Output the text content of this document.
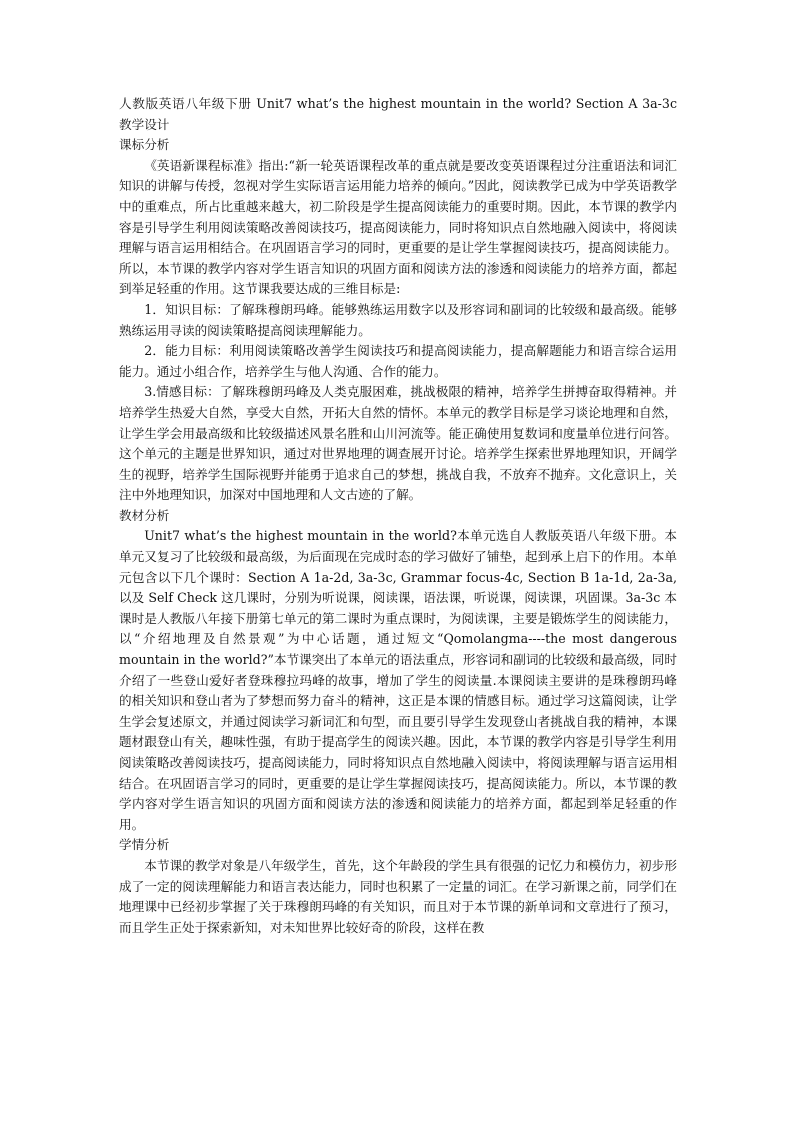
人教版英语八年级下册 Unit7 what’s the highest mountain in the world? Section A 3a-3c 教学设计

课标分析

《英语新课程标准》指出:“新一轮英语课程改革的重点就是要改变英语课程过分注重语法和词汇知识的讲解与传授，忽视对学生实际语言运用能力培养的倾向。”因此，阅读教学已成为中学英语教学中的重难点，所占比重越来越大，初二阶段是学生提高阅读能力的重要时期。因此，本节课的教学内容是引导学生利用阅读策略改善阅读技巧，提高阅读能力，同时将知识点自然地融入阅读中，将阅读理解与语言运用相结合。在巩固语言学习的同时，更重要的是让学生掌握阅读技巧，提高阅读能力。所以，本节课的教学内容对学生语言知识的巩固方面和阅读方法的渗透和阅读能力的培养方面，都起到举足轻重的作用。这节课我要达成的三维目标是:

1．知识目标：了解珠穆朗玛峰。能够熟练运用数字以及形容词和副词的比较级和最高级。能够熟练运用寻读的阅读策略提高阅读理解能力。

2．能力目标：利用阅读策略改善学生阅读技巧和提高阅读能力，提高解题能力和语言综合运用能力。通过小组合作，培养学生与他人沟通、合作的能力。

3.情感目标：了解珠穆朗玛峰及人类克服困难，挑战极限的精神，培养学生拼搏奋取得精神。并培养学生热爱大自然，享受大自然，开拓大自然的情怀。本单元的教学目标是学习谈论地理和自然，让学生学会用最高级和比较级描述风景名胜和山川河流等。能正确使用复数词和度量单位进行问答。这个单元的主题是世界知识，通过对世界地理的调查展开讨论。培养学生探索世界地理知识，开阔学生的视野，培养学生国际视野并能勇于追求自己的梦想，挑战自我，不放弃不抛弃。文化意识上，关注中外地理知识，加深对中国地理和人文古迹的了解。

教材分析

Unit7 what’s the highest mountain in the world?本单元选自人教版英语八年级下册。本单元又复习了比较级和最高级，为后面现在完成时态的学习做好了铺垫，起到承上启下的作用。本单元包含以下几个课时：Section A 1a-2d, 3a-3c, Grammar focus-4c, Section B 1a-1d, 2a-3a, 以及 Self Check 这几课时，分别为听说课，阅读课，语法课，听说课，阅读课，巩固课。3a-3c 本课时是人教版八年接下册第七单元的第二课时为重点课时，为阅读课，主要是锻炼学生的阅读能力，以“介绍地理及自然景观”为中心话题，通过短文“Qomolangma----the most dangerous mountain in the world?”本节课突出了本单元的语法重点，形容词和副词的比较级和最高级，同时介绍了一些登山爱好者登珠穆拉玛峰的故事，增加了学生的阅读量.本课阅读主要讲的是珠穆朗玛峰的相关知识和登山者为了梦想而努力奋斗的精神，这正是本课的情感目标。通过学习这篇阅读，让学生学会复述原文，并通过阅读学习新词汇和句型，而且要引导学生发现登山者挑战自我的精神，本课题材跟登山有关，趣味性强，有助于提高学生的阅读兴趣。因此，本节课的教学内容是引导学生利用阅读策略改善阅读技巧，提高阅读能力，同时将知识点自然地融入阅读中，将阅读理解与语言运用相结合。在巩固语言学习的同时，更重要的是让学生掌握阅读技巧，提高阅读能力。所以，本节课的教学内容对学生语言知识的巩固方面和阅读方法的渗透和阅读能力的培养方面，都起到举足轻重的作用。

学情分析

本节课的教学对象是八年级学生，首先，这个年龄段的学生具有很强的记忆力和模仿力，初步形成了一定的阅读理解能力和语言表达能力，同时也积累了一定量的词汇。在学习新课之前，同学们在地理课中已经初步掌握了关于珠穆朗玛峰的有关知识，而且对于本节课的新单词和文章进行了预习，而且学生正处于探索新知，对未知世界比较好奇的阶段，这样在教
